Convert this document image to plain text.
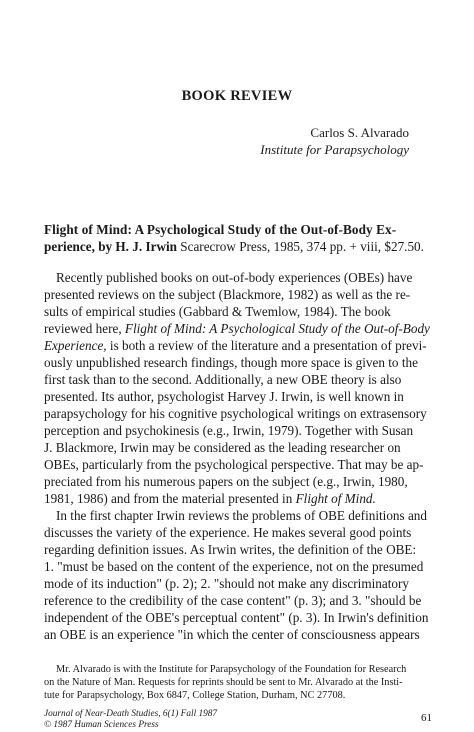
BOOK REVIEW
Carlos S. Alvarado
Institute for Parapsychology
Flight of Mind: A Psychological Study of the Out-of-Body Ex-
perience, by H. J. Irwin Scarecrow Press, 1985, 374 pp. + viii, $27.50.
Recently published books on out-of-body experiences (OBEs) have
presented reviews on the subject (Blackmore, 1982) as well as the re-
sults of empirical studies (Gabbard & Twemlow, 1984). The book
reviewed here, Flight of Mind: A Psychological Study of the Out-of-Body
Experience, is both a review of the literature and a presentation of previ-
ously unpublished research findings, though more space is given to the
first task than to the second. Additionally, a new OBE theory is also
presented. Its author, psychologist Harvey J. Irwin, is well known in
parapsychology for his cognitive psychological writings on extrasensory
perception and psychokinesis (e.g., Irwin, 1979). Together with Susan
J. Blackmore, Irwin may be considered as the leading researcher on
OBEs, particularly from the psychological perspective. That may be ap-
preciated from his numerous papers on the subject (e.g., Irwin, 1980,
1981, 1986) and from the material presented in Flight of Mind.
In the first chapter Irwin reviews the problems of OBE definitions and
discusses the variety of the experience. He makes several good points
regarding definition issues. As Irwin writes, the definition of the OBE:
1. "must be based on the content of the experience, not on the presumed
mode of its induction" (p. 2); 2. "should not make any discriminatory
reference to the credibility of the case content" (p. 3); and 3. "should be
independent of the OBE's perceptual content" (p. 3). In Irwin's definition
an OBE is an experience "in which the center of consciousness appears
Mr. Alvarado is with the Institute for Parapsychology of the Foundation for Research
on the Nature of Man. Requests for reprints should be sent to Mr. Alvarado at the Insti-
tute for Parapsychology, Box 6847, College Station, Durham, NC 27708.
Journal of Near-Death Studies, 6(1) Fall 1987
© 1987 Human Sciences Press
61
